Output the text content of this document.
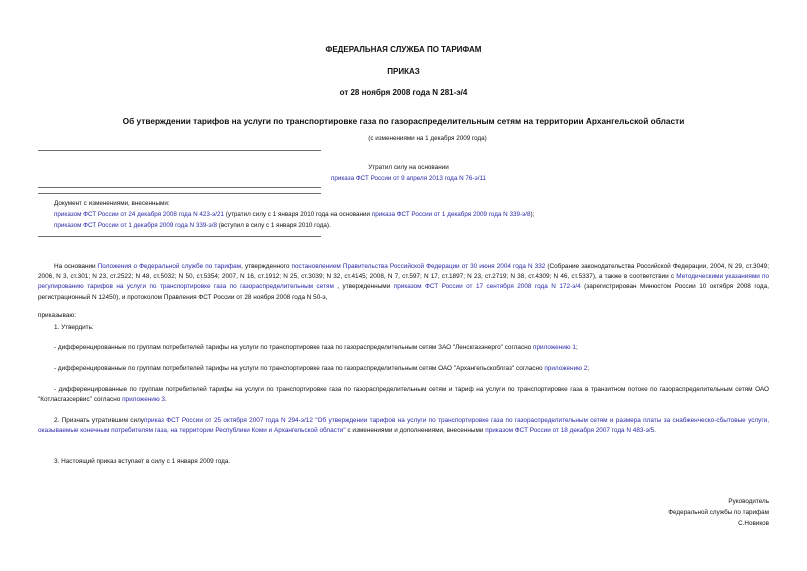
ФЕДЕРАЛЬНАЯ СЛУЖБА ПО ТАРИФАМ
ПРИКАЗ
от 28 ноября 2008 года N 281-э/4
Об утверждении тарифов на услуги по транспортировке газа по газораспределительным сетям на территории Архангельской области
(с изменениями на 1 декабря 2009 года)
Утратил силу на основании
приказа ФСТ России от 9 апреля 2013 года N 76-э/11
Документ с изменениями, внесенными:
приказом ФСТ России от 24 декабря 2008 года N 423-э/21 (утратил силу с 1 января 2010 года на основании приказа ФСТ России от 1 декабря 2009 года N 339-э/8);
приказом ФСТ России от 1 декабря 2009 года N 339-э/8 (вступил в силу с 1 января 2010 года).
На основании Положения о Федеральной службе по тарифам, утвержденного постановлением Правительства Российской Федерации от 30 июня 2004 года N 332 (Собрание законодательства Российской Федерации, 2004, N 29, ст.3049; 2006, N 3, ст.301; N 23, ст.2522; N 48, ст.5032; N 50, ст.5354; 2007, N 16, ст.1912; N 25, ст.3039; N 32, ст.4145; 2008, N 7, ст.597; N 17, ст.1897; N 23, ст.2719; N 38, ст.4309; N 46, ст.5337), а также в соответствии с Методическими указаниями по регулированию тарифов на услуги по транспортировке газа по газораспределительным сетям , утвержденными приказом ФСТ России от 17 сентября 2008 года N 172-э/4 (зарегистрирован Минюстом России 10 октября 2008 года, регистрационный N 12450), и протоколом Правления ФСТ России от 28 ноября 2008 года N 50-э,
приказываю:
1. Утвердить:
- дифференцированные по группам потребителей тарифы на услуги по транспортировке газа по газораспределительным сетям ЗАО "Ленскгазэнерго" согласно приложению 1;
- дифференцированные по группам потребителей тарифы на услуги по транспортировке газа по газораспределительным сетям ОАО "Архангельскоблгаз" согласно приложению 2;
- дифференцированные по группам потребителей тарифы на услуги по транспортировке газа по газораспределительным сетям и тариф на услуги по транспортировке газа в транзитном потоке по газораспределительным сетям ОАО "Котласгазсервис" согласно приложению 3.
2. Признать утратившим силуприказ ФСТ России от 25 октября 2007 года N 294-э/12 "Об утверждении тарифов на услуги по транспортировке газа по газораспределительным сетям и размера платы за снабженческо-сбытовые услуги, оказываемые конечным потребителям газа, на территории Республики Коми и Архангельской области" с изменениями и дополнениями, внесенными приказом ФСТ России от 18 декабря 2007 года N 483-э/5.
3. Настоящий приказ вступает в силу с 1 января 2009 года.
Руководитель
Федеральной службы по тарифам
С.Новиков
